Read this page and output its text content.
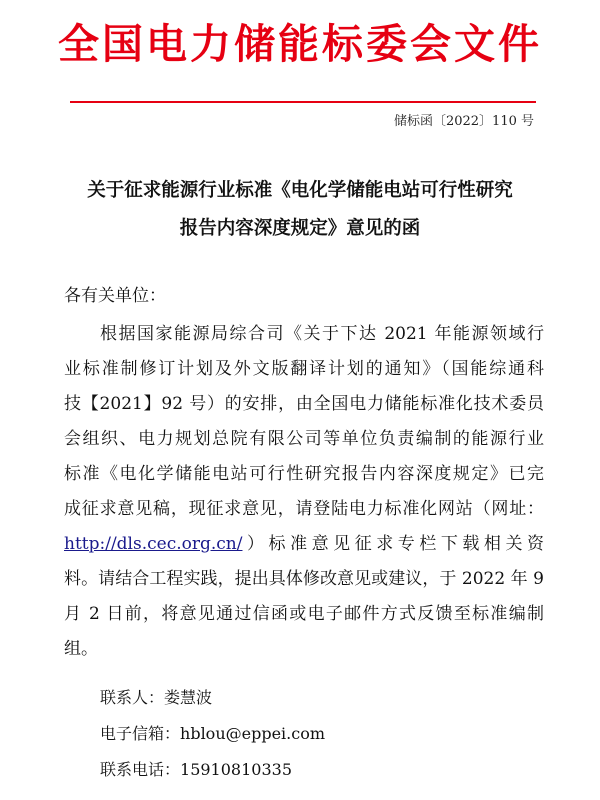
全国电力储能标委会文件
储标函〔2022〕110 号
关于征求能源行业标准《电化学储能电站可行性研究
报告内容深度规定》意见的函
各有关单位：
根据国家能源局综合司《关于下达 2021 年能源领域行
业标准制修订计划及外文版翻译计划的通知》（国能综通科
技【2021】92 号）的安排，由全国电力储能标准化技术委员
会组织、电力规划总院有限公司等单位负责编制的能源行业
标准《电化学储能电站可行性研究报告内容深度规定》已完
成征求意见稿，现征求意见，请登陆电力标准化网站（网址：
http://dls.cec.org.cn/）标准意见征求专栏下载相关资
料。请结合工程实践，提出具体修改意见或建议，于 2022 年 9
月 2 日前，将意见通过信函或电子邮件方式反馈至标准编制
组。
联系人：娄慧波
电子信箱：hblou@eppei.com
联系电话：15910810335
